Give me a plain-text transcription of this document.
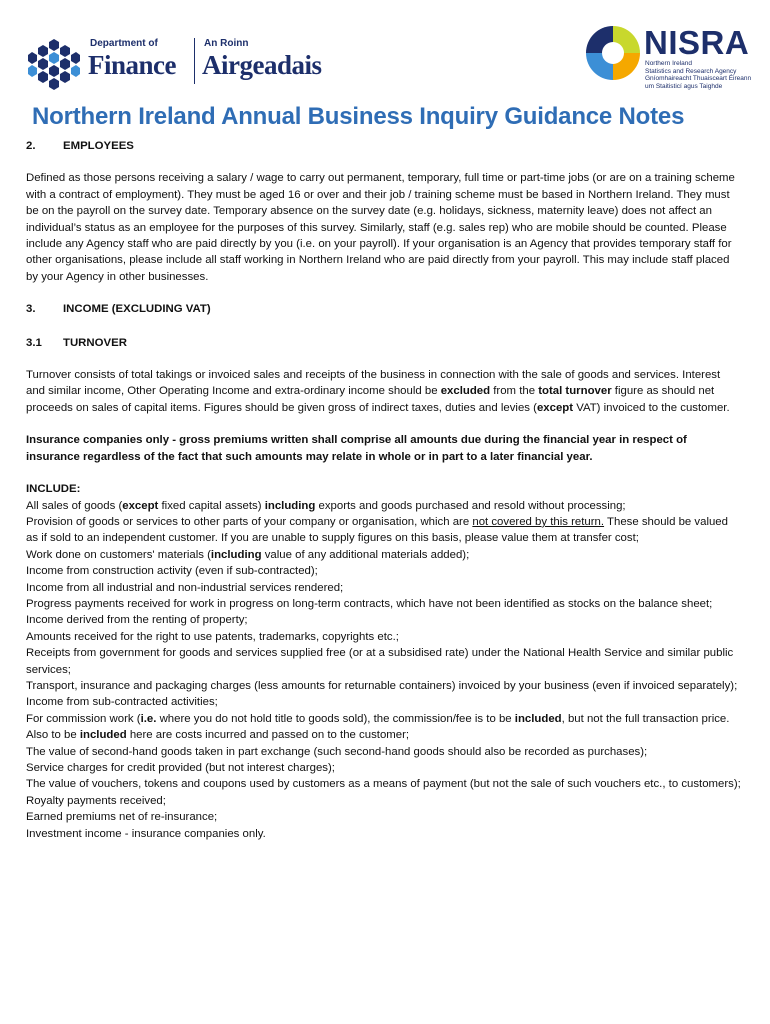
Department of
Finance
An Roinn
Airgeadais
NISRA
Northern Ireland
Statistics and Research Agency
Gníomhaireacht Thuaisceart Éireann
um Staitisticí agus Taighde
Northern Ireland Annual Business Inquiry Guidance Notes
2.	EMPLOYEES

Defined as those persons receiving a salary / wage to carry out permanent, temporary, full time or part-time jobs (or are on a training scheme with a contract of employment). They must be aged 16 or over and their job / training scheme must be based in Northern Ireland. They must be on the payroll on the survey date. Temporary absence on the survey date (e.g. holidays, sickness, maternity leave) does not affect an individual’s status as an employee for the purposes of this survey. Similarly, staff (e.g. sales rep) who are mobile should be counted. Please include any Agency staff who are paid directly by you (i.e. on your payroll). If your organisation is an Agency that provides temporary staff for other organisations, please include all staff working in Northern Ireland who are paid directly from your payroll. This may include staff placed by your Agency in other businesses.

3.	INCOME (EXCLUDING VAT)
3.1	TURNOVER

Turnover consists of total takings or invoiced sales and receipts of the business in connection with the sale of goods and services. Interest and similar income, Other Operating Income and extra-ordinary income should be excluded from the total turnover figure as should net proceeds on sales of capital items. Figures should be given gross of indirect taxes, duties and levies (except VAT) invoiced to the customer.

Insurance companies only - gross premiums written shall comprise all amounts due during the financial year in respect of insurance regardless of the fact that such amounts may relate in whole or in part to a later financial year.

INCLUDE:

All sales of goods (except fixed capital assets) including exports and goods purchased and resold without processing;

Provision of goods or services to other parts of your company or organisation, which are not covered by this return. These should be valued as if sold to an independent customer. If you are unable to supply figures on this basis, please value them at transfer cost;

Work done on customers' materials (including value of any additional materials added);

Income from construction activity (even if sub-contracted);

Income from all industrial and non-industrial services rendered;

Progress payments received for work in progress on long-term contracts, which have not been identified as stocks on the balance sheet;

Income derived from the renting of property;

Amounts received for the right to use patents, trademarks, copyrights etc.;

Receipts from government for goods and services supplied free (or at a subsidised rate) under the National Health Service and similar public services;

Transport, insurance and packaging charges (less amounts for returnable containers) invoiced by your business (even if invoiced separately);

Income from sub-contracted activities;

For commission work (i.e. where you do not hold title to goods sold), the commission/fee is to be included, but not the full transaction price. Also to be included here are costs incurred and passed on to the customer;

The value of second-hand goods taken in part exchange (such second-hand goods should also be recorded as purchases);

Service charges for credit provided (but not interest charges);

The value of vouchers, tokens and coupons used by customers as a means of payment (but not the sale of such vouchers etc., to customers);

Royalty payments received;

Earned premiums net of re-insurance;

Investment income - insurance companies only.
